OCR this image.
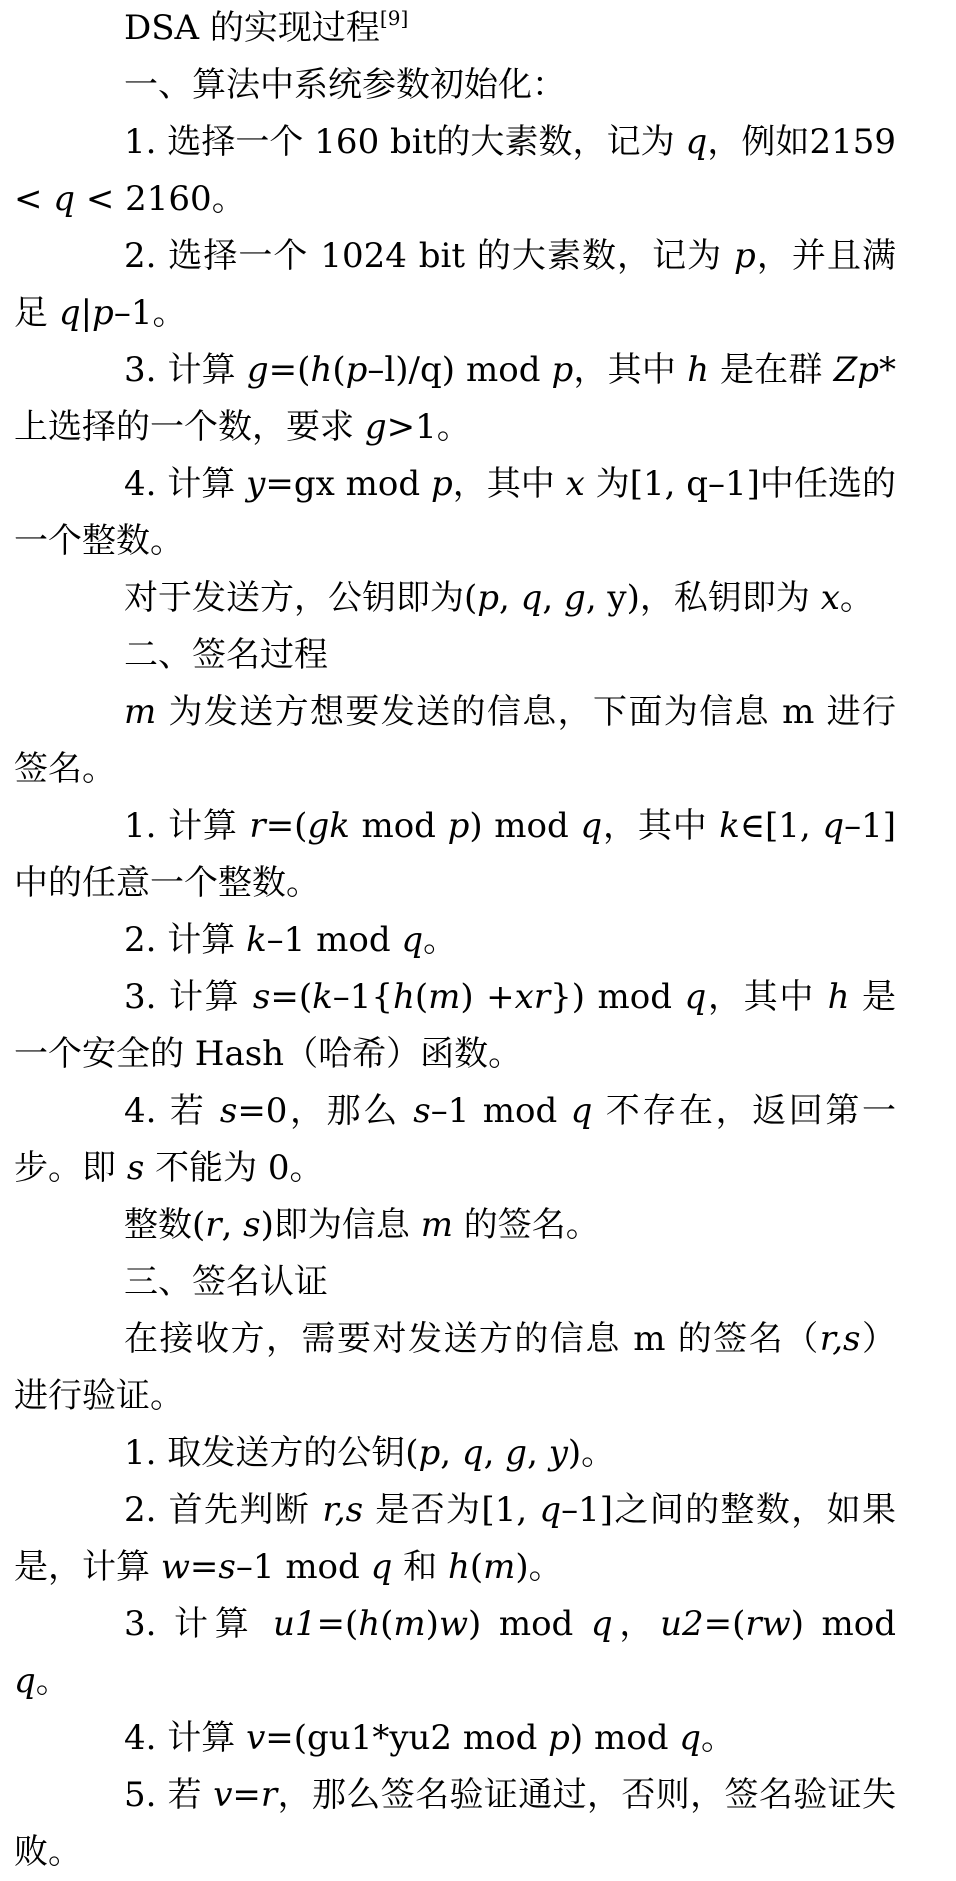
DSA 的实现过程[9]

一、算法中系统参数初始化：

1. 选择一个 160 bit的大素数，记为 q，例如2159 < q < 2160。

2. 选择一个 1024 bit 的大素数，记为 p，并且满足 q|p–1。

3. 计算 g=(h(p–l)/q) mod p，其中 h 是在群 Zp* 上选择的一个数，要求 g>1。

4. 计算 y=gx mod p，其中 x 为[1, q–1]中任选的一个整数。

对于发送方，公钥即为(p, q, g, y)，私钥即为 x。

二、签名过程

m 为发送方想要发送的信息，下面为信息 m 进行签名。

1. 计算 r=(gk mod p) mod q，其中 k∈[1, q–1]中的任意一个整数。

2. 计算 k–1 mod q。

3. 计算 s=(k–1{h(m) +xr}) mod q，其中 h 是一个安全的 Hash（哈希）函数。

4. 若 s=0，那么 s–1 mod q 不存在，返回第一步。即 s 不能为 0。

整数(r, s)即为信息 m 的签名。

三、签名认证

在接收方，需要对发送方的信息 m 的签名（r,s）进行验证。

1. 取发送方的公钥(p, q, g, y)。

2. 首先判断 r,s 是否为[1, q–1]之间的整数，如果是，计算 w=s–1 mod q 和 h(m)。

3. 计算 u1=(h(m)w) mod q，u2=(rw) mod q。

4. 计算 v=(gu1*yu2 mod p) mod q。

5. 若 v=r，那么签名验证通过，否则，签名验证失败。
